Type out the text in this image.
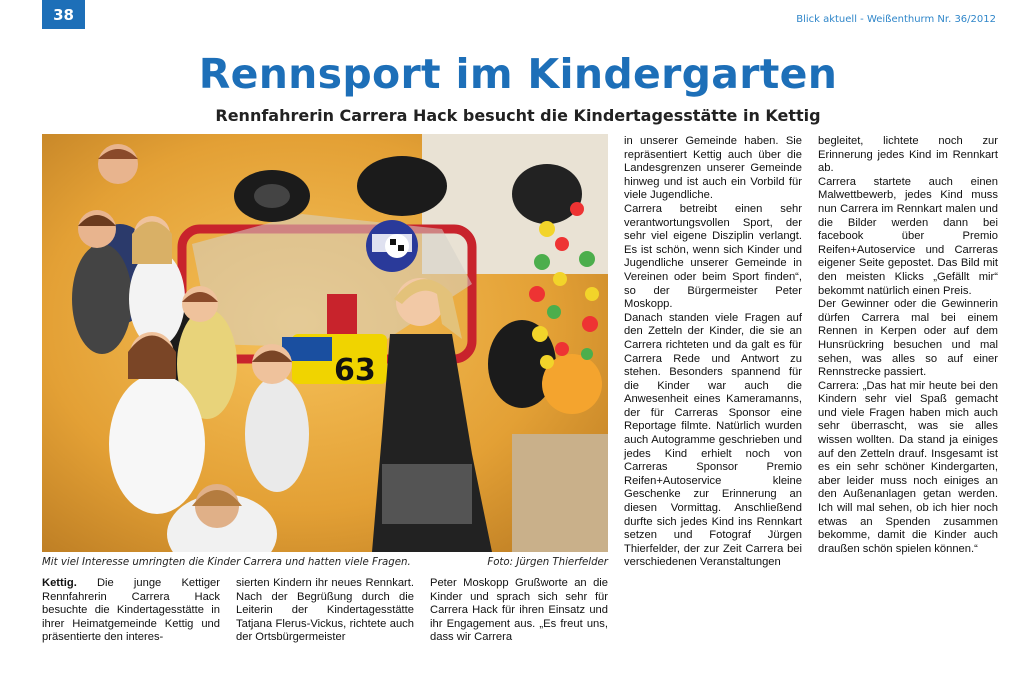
38	Blick aktuell - Weißenthurm Nr. 36/2012
Rennsport im Kindergarten
Rennfahrerin Carrera Hack besucht die Kindertagesstätte in Kettig
63
Mit viel Interesse umringten die Kinder Carrera und hatten viele Fragen.	Foto: Jürgen Thierfelder

Kettig. Die junge Kettiger Rennfahrerin Carrera Hack besuchte die Kindertagesstätte in ihrer Heimatgemeinde Kettig und präsentierte den interes-

sierten Kindern ihr neues Rennkart. Nach der Begrüßung durch die Leiterin der Kindertagesstätte Tatjana Flerus-Vickus, richtete auch der Ortsbürgermeister

Peter Moskopp Grußworte an die Kinder und sprach sich sehr für Carrera Hack für ihren Einsatz und ihr Engagement aus. „Es freut uns, dass wir Carrera

in unserer Gemeinde haben. Sie repräsentiert Kettig auch über die Landesgrenzen unserer Gemeinde hinweg und ist auch ein Vorbild für viele Jugendliche.

Carrera betreibt einen sehr verantwortungsvollen Sport, der sehr viel eigene Disziplin verlangt. Es ist schön, wenn sich Kinder und Jugendliche unserer Gemeinde in Vereinen oder beim Sport finden“, so der Bürgermeister Peter Moskopp.

Danach standen viele Fragen auf den Zetteln der Kinder, die sie an Carrera richteten und da galt es für Carrera Rede und Antwort zu stehen. Besonders spannend für die Kinder war auch die Anwesenheit eines Kameramanns, der für Carreras Sponsor eine Reportage filmte. Natürlich wurden auch Autogramme geschrieben und jedes Kind erhielt noch von Carreras Sponsor Premio Reifen+Autoservice kleine Geschenke zur Erinnerung an diesen Vormittag. Anschließend durfte sich jedes Kind ins Rennkart setzen und Fotograf Jürgen Thierfelder, der zur Zeit Carrera bei verschiedenen Veranstaltungen

begleitet, lichtete noch zur Erinnerung jedes Kind im Rennkart ab.

Carrera startete auch einen Malwettbewerb, jedes Kind muss nun Carrera im Rennkart malen und die Bilder werden dann bei facebook über Premio Reifen+Autoservice und Carreras eigener Seite gepostet. Das Bild mit den meisten Klicks „Gefällt mir“ bekommt natürlich einen Preis.

Der Gewinner oder die Gewinnerin dürfen Carrera mal bei einem Rennen in Kerpen oder auf dem Hunsrückring besuchen und mal sehen, was alles so auf einer Rennstrecke passiert.

Carrera: „Das hat mir heute bei den Kindern sehr viel Spaß gemacht und viele Fragen haben mich auch sehr überrascht, was sie alles wissen wollten. Da stand ja einiges auf den Zetteln drauf. Insgesamt ist es ein sehr schöner Kindergarten, aber leider muss noch einiges an den Außenanlagen getan werden. Ich will mal sehen, ob ich hier noch etwas an Spenden zusammen bekomme, damit die Kinder auch draußen schön spielen können.“
